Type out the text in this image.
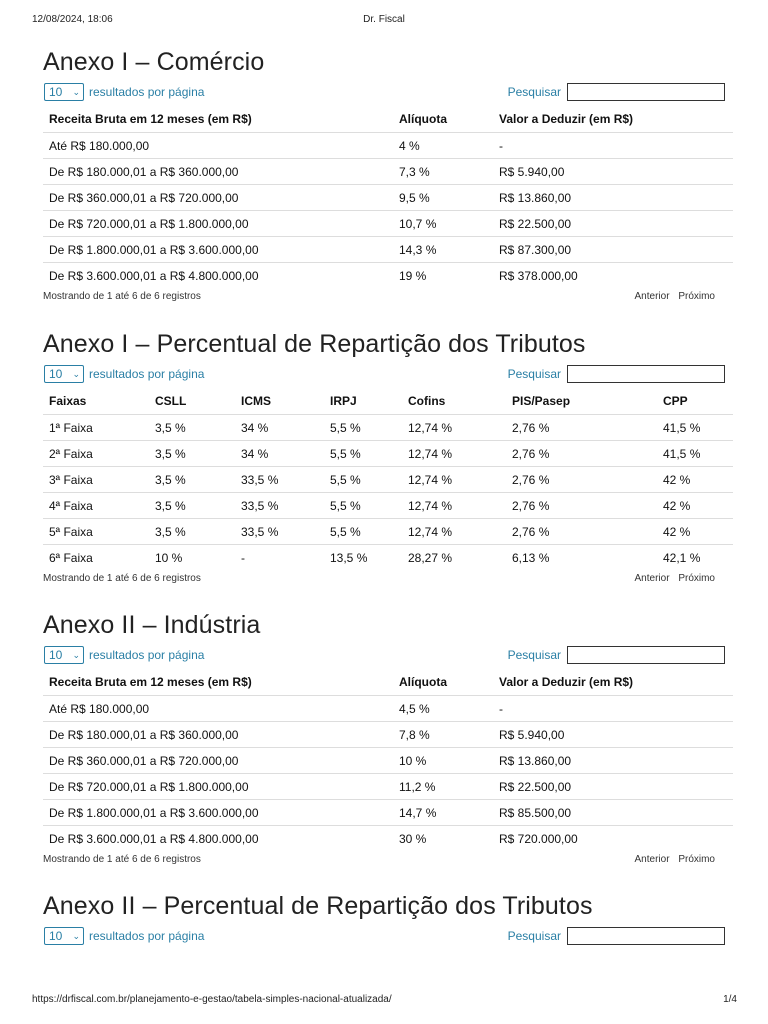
12/08/2024, 18:06	Dr. Fiscal
Anexo I – Comércio
10 ⌄ resultados por página	Pesquisar
Receita Bruta em 12 meses (em R$)	Alíquota	Valor a Deduzir (em R$)
Até R$ 180.000,00	4 %	-
De R$ 180.000,01 a R$ 360.000,00	7,3 %	R$ 5.940,00
De R$ 360.000,01 a R$ 720.000,00	9,5 %	R$ 13.860,00
De R$ 720.000,01 a R$ 1.800.000,00	10,7 %	R$ 22.500,00
De R$ 1.800.000,01 a R$ 3.600.000,00	14,3 %	R$ 87.300,00
De R$ 3.600.000,01 a R$ 4.800.000,00	19 %	R$ 378.000,00
Mostrando de 1 até 6 de 6 registros	Anterior Próximo
Anexo I – Percentual de Repartição dos Tributos
10 ⌄ resultados por página	Pesquisar
Faixas	CSLL	ICMS	IRPJ	Cofins	PIS/Pasep	CPP
1ª Faixa	3,5 %	34 %	5,5 %	12,74 %	2,76 %	41,5 %
2ª Faixa	3,5 %	34 %	5,5 %	12,74 %	2,76 %	41,5 %
3ª Faixa	3,5 %	33,5 %	5,5 %	12,74 %	2,76 %	42 %
4ª Faixa	3,5 %	33,5 %	5,5 %	12,74 %	2,76 %	42 %
5ª Faixa	3,5 %	33,5 %	5,5 %	12,74 %	2,76 %	42 %
6ª Faixa	10 %	-	13,5 %	28,27 %	6,13 %	42,1 %
Mostrando de 1 até 6 de 6 registros	Anterior Próximo
Anexo II – Indústria
10 ⌄ resultados por página	Pesquisar
Receita Bruta em 12 meses (em R$)	Alíquota	Valor a Deduzir (em R$)
Até R$ 180.000,00	4,5 %	-
De R$ 180.000,01 a R$ 360.000,00	7,8 %	R$ 5.940,00
De R$ 360.000,01 a R$ 720.000,00	10 %	R$ 13.860,00
De R$ 720.000,01 a R$ 1.800.000,00	11,2 %	R$ 22.500,00
De R$ 1.800.000,01 a R$ 3.600.000,00	14,7 %	R$ 85.500,00
De R$ 3.600.000,01 a R$ 4.800.000,00	30 %	R$ 720.000,00
Mostrando de 1 até 6 de 6 registros	Anterior Próximo
Anexo II – Percentual de Repartição dos Tributos
10 ⌄ resultados por página	Pesquisar
https://drfiscal.com.br/planejamento-e-gestao/tabela-simples-nacional-atualizada/	1/4
